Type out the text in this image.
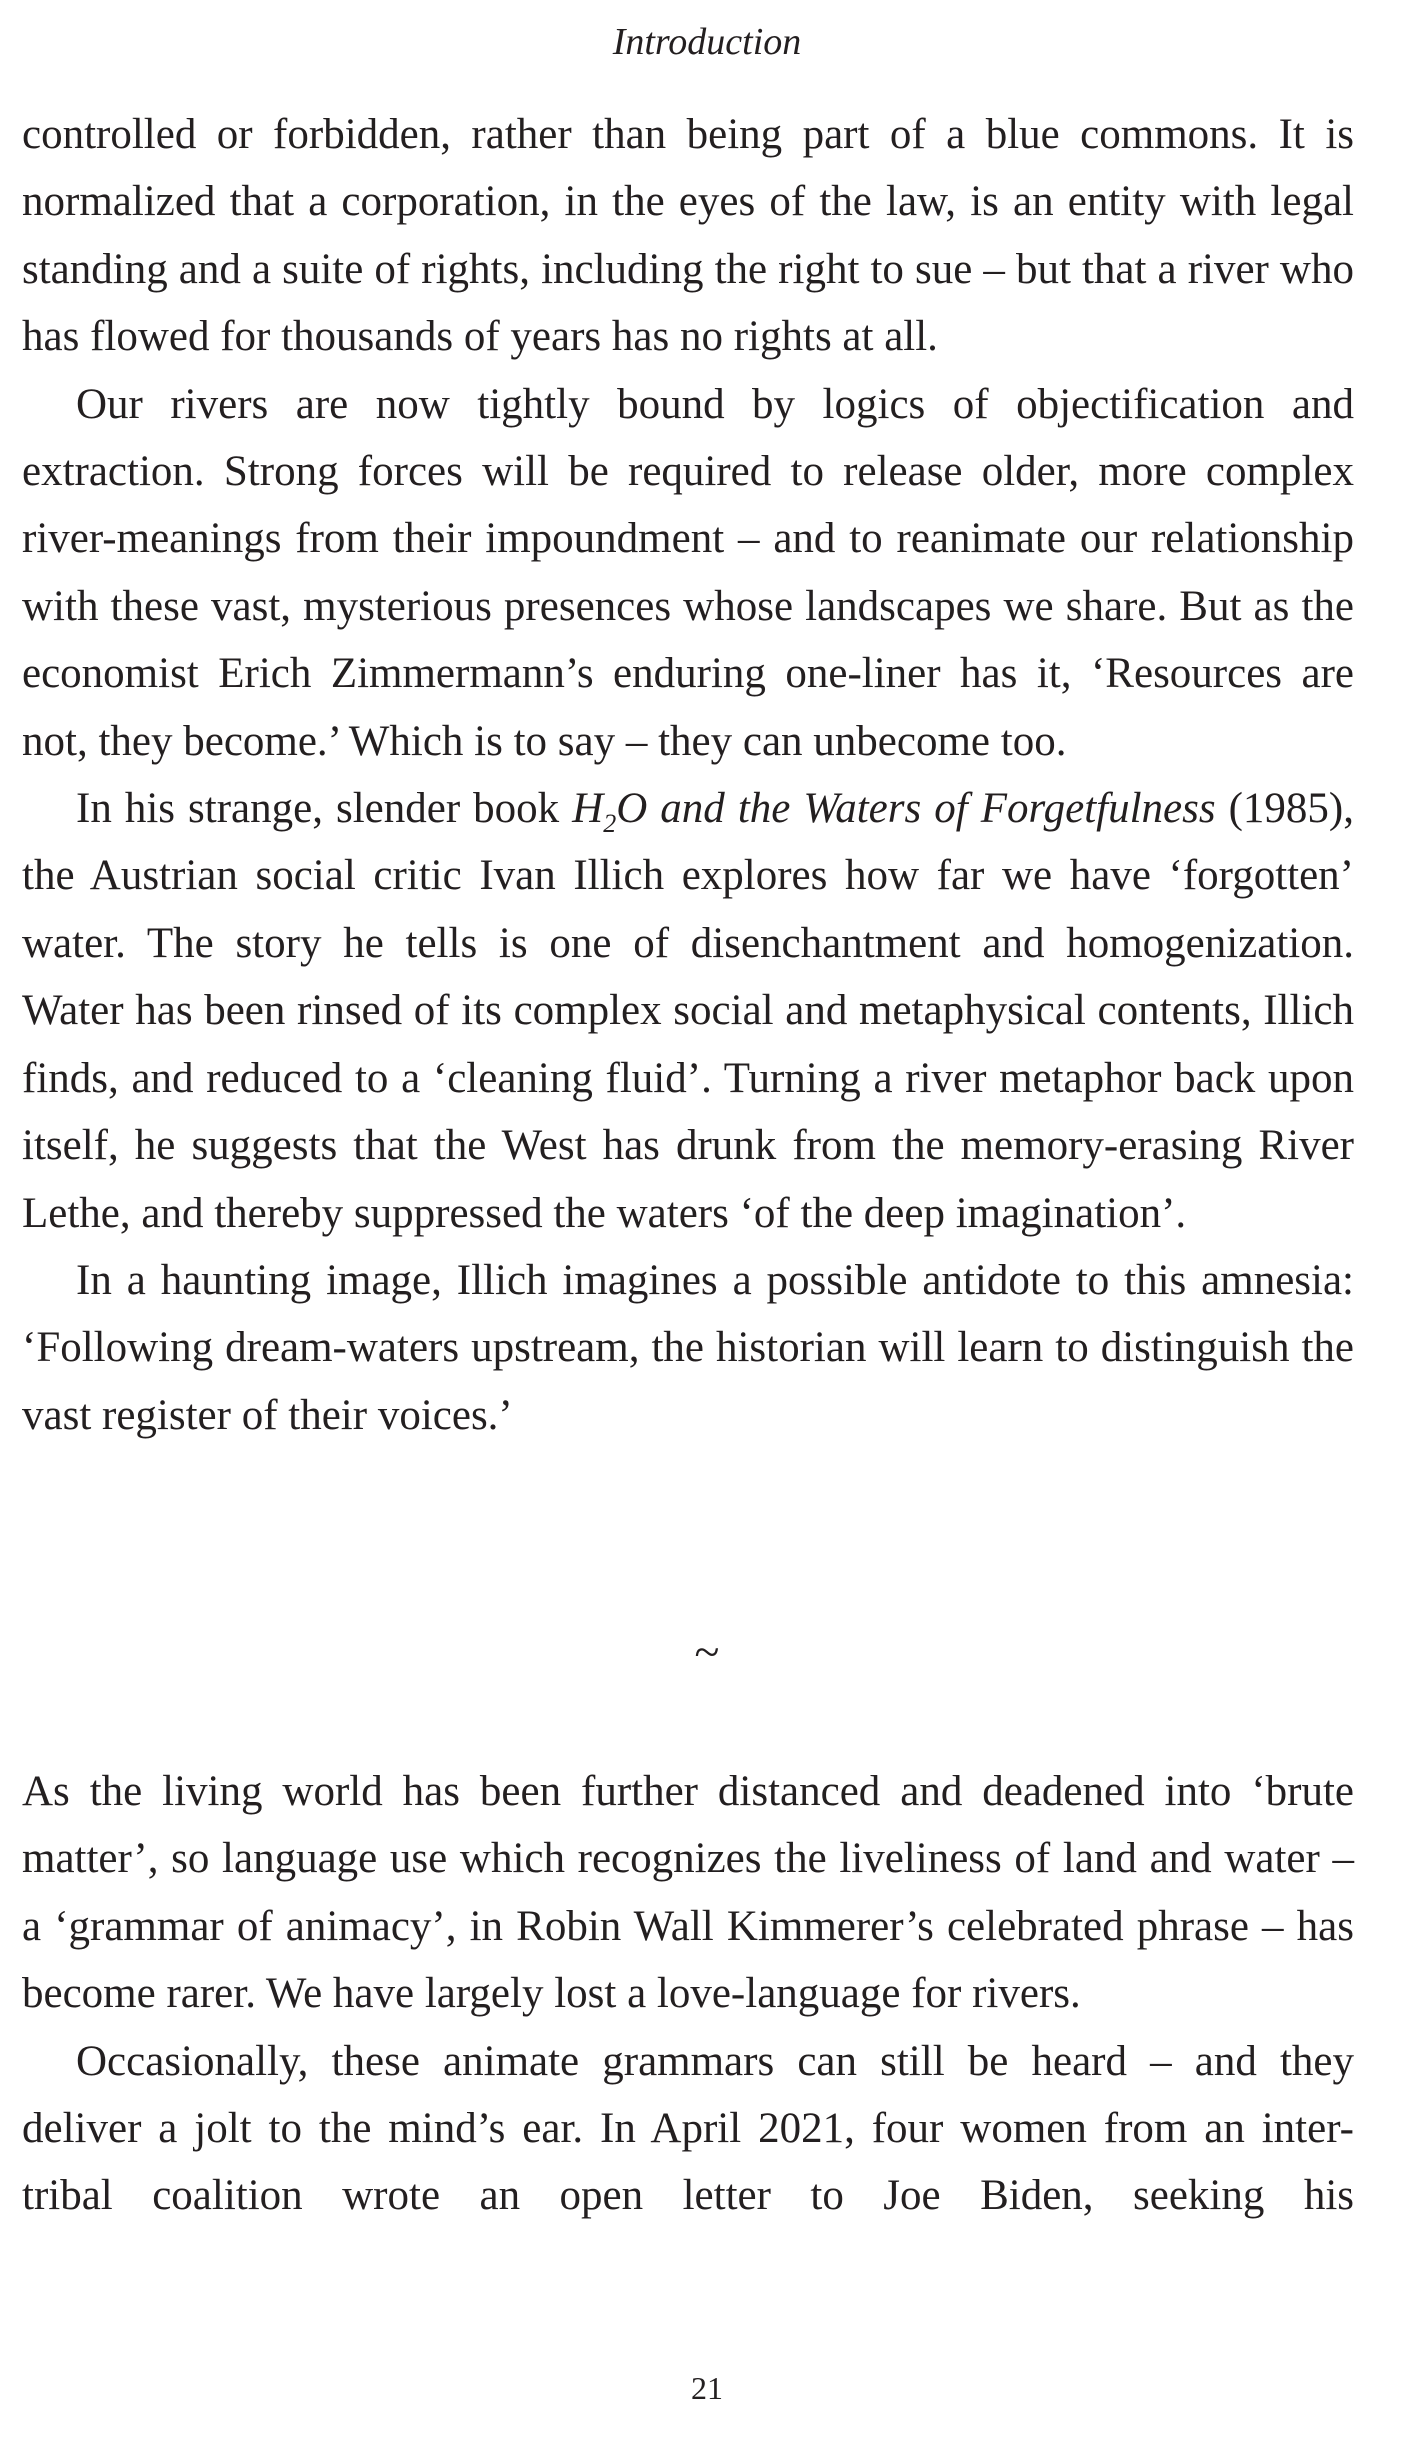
Introduction

controlled or forbidden, rather than being part of a blue commons. It is normalized that a corporation, in the eyes of the law, is an entity with legal standing and a suite of rights, including the right to sue – but that a river who has flowed for thousands of years has no rights at all.

Our rivers are now tightly bound by logics of objectification and extraction. Strong forces will be required to release older, more complex river-meanings from their impoundment – and to reanimate our relationship with these vast, mysterious presences whose landscapes we share. But as the economist Erich Zimmermann’s enduring one-liner has it, ‘Resources are not, they become.’ Which is to say – they can unbecome too.

In his strange, slender book $H_2O$ and the Waters of Forgetfulness (1985), the Austrian social critic Ivan Illich explores how far we have ‘forgotten’ water. The story he tells is one of disenchantment and homogenization. Water has been rinsed of its complex social and metaphysical contents, Illich finds, and reduced to a ‘cleaning fluid’. Turning a river metaphor back upon itself, he suggests that the West has drunk from the memory-erasing River Lethe, and thereby suppressed the waters ‘of the deep imagination’.

In a haunting image, Illich imagines a possible antidote to this amnesia: ‘Following dream-waters upstream, the historian will learn to distinguish the vast register of their voices.’

~

As the living world has been further distanced and deadened into ‘brute matter’, so language use which recognizes the liveliness of land and water – a ‘grammar of animacy’, in Robin Wall Kimmerer’s celebrated phrase – has become rarer. We have largely lost a love-language for rivers.

Occasionally, these animate grammars can still be heard – and they deliver a jolt to the mind’s ear. In April 2021, four women from an inter-tribal coalition wrote an open letter to Joe Biden, seeking his

21
